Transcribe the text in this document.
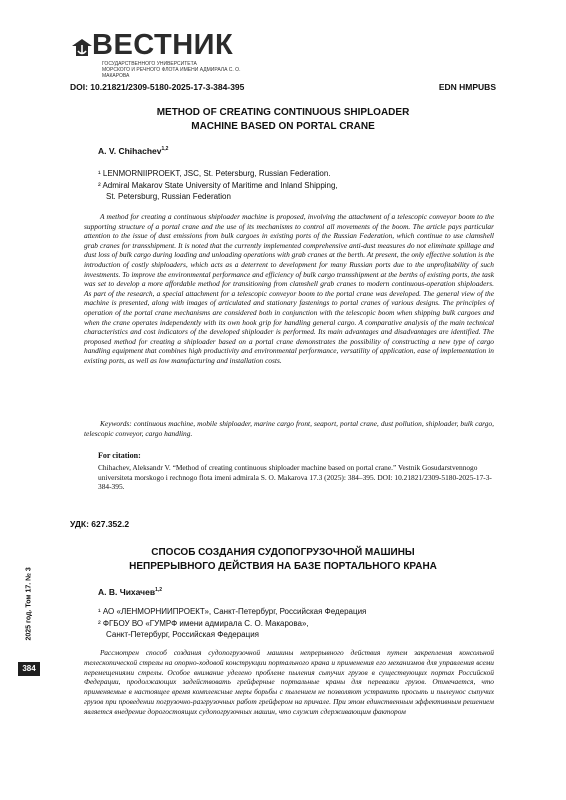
ВЕСТНИК
ГОСУДАРСТВЕННОГО УНИВЕРСИТЕТА
МОРСКОГО И РЕЧНОГО ФЛОТА ИМЕНИ АДМИРАЛА С. О. МАКАРОВА
DOI: 10.21821/2309-5180-2025-17-3-384-395	EDN HMPUBS
METHOD OF CREATING CONTINUOUS SHIPLOADER
MACHINE BASED ON PORTAL CRANE
A. V. Chihachev$^{1,2}$
¹ LENMORNIIPROEKT, JSC, St. Petersburg, Russian Federation.
² Admiral Makarov State University of Maritime and Inland Shipping,
St. Petersburg, Russian Federation

A method for creating a continuous shiploader machine is proposed, involving the attachment of a telescopic conveyor boom to the supporting structure of a portal crane and the use of its mechanisms to control all movements of the boom. The article pays particular attention to the issue of dust emissions from bulk cargoes in existing ports of the Russian Federation, which continue to use clamshell grab cranes for transshipment. It is noted that the currently implemented comprehensive anti-dust measures do not eliminate spillage and dust loss of bulk cargo during loading and unloading operations with grab cranes at the berth. At present, the only effective solution is the introduction of costly shiploaders, which acts as a deterrent to development for many Russian ports due to the unprofitability of such investments. To improve the environmental performance and efficiency of bulk cargo transshipment at the berths of existing ports, the task was set to develop a more affordable method for transitioning from clamshell grab cranes to modern continuous-operation shiploaders. As part of the research, a special attachment for a telescopic conveyor boom to the portal crane was developed. The general view of the machine is presented, along with images of articulated and stationary fastenings to portal cranes of various designs. The principles of operation of the portal crane mechanisms are considered both in conjunction with the telescopic boom when shipping bulk cargoes and when the crane operates independently with its own hook grip for handling general cargo. A comparative analysis of the main technical characteristics and cost indicators of the developed shiploader is performed. Its main advantages and disadvantages are identified. The proposed method for creating a shiploader based on a portal crane demonstrates the possibility of constructing a new type of cargo handling equipment that combines high productivity and environmental performance, versatility of application, ease of implementation in existing ports, as well as low manufacturing and installation costs.

Keywords: continuous machine, mobile shiploader, marine cargo front, seaport, portal crane, dust pollution, shiploader, bulk cargo, telescopic conveyor, cargo handling.

For citation:

Chihachev, Aleksandr V. “Method of creating continuous shiploader machine based on portal crane.” Vestnik Gosudarstvennogo universiteta morskogo i rechnogo flota imeni admirala S. O. Makarova 17.3 (2025): 384–395. DOI: 10.21821/2309-5180-2025-17-3-384-395.

УДК: 627.352.2
СПОСОБ СОЗДАНИЯ СУДОПОГРУЗОЧНОЙ МАШИНЫ
НЕПРЕРЫВНОГО ДЕЙСТВИЯ НА БАЗЕ ПОРТАЛЬНОГО КРАНА
А. В. Чихачев$^{1,2}$
¹ АО «ЛЕНМОРНИИПРОЕКТ», Санкт-Петербург, Российская Федерация
² ФГБОУ ВО «ГУМРФ имени адмирала С. О. Макарова»,
Санкт-Петербург, Российская Федерация

Рассмотрен способ создания судопогрузочной машины непрерывного действия путем закрепления консольной телескопической стрелы на опорно-ходовой конструкции портального крана и применения его механизмов для управления всеми перемещениями стрелы. Особое внимание уделено проблеме пыления сыпучих грузов в существующих портах Российской Федерации, продолжающих задействовать грейферные портальные краны для перевалки грузов. Отмечается, что применяемые в настоящее время комплексные меры борьбы с пылением не позволяют устранить просыпь и пылеунос сыпучих грузов при проведении погрузочно-разгрузочных работ грейфером на причале. При этом единственным эффективным решением является внедрение дорогостоящих судопогрузочных машин, что служит сдерживающим фактором

2025 год. Том 17. № 3
384
